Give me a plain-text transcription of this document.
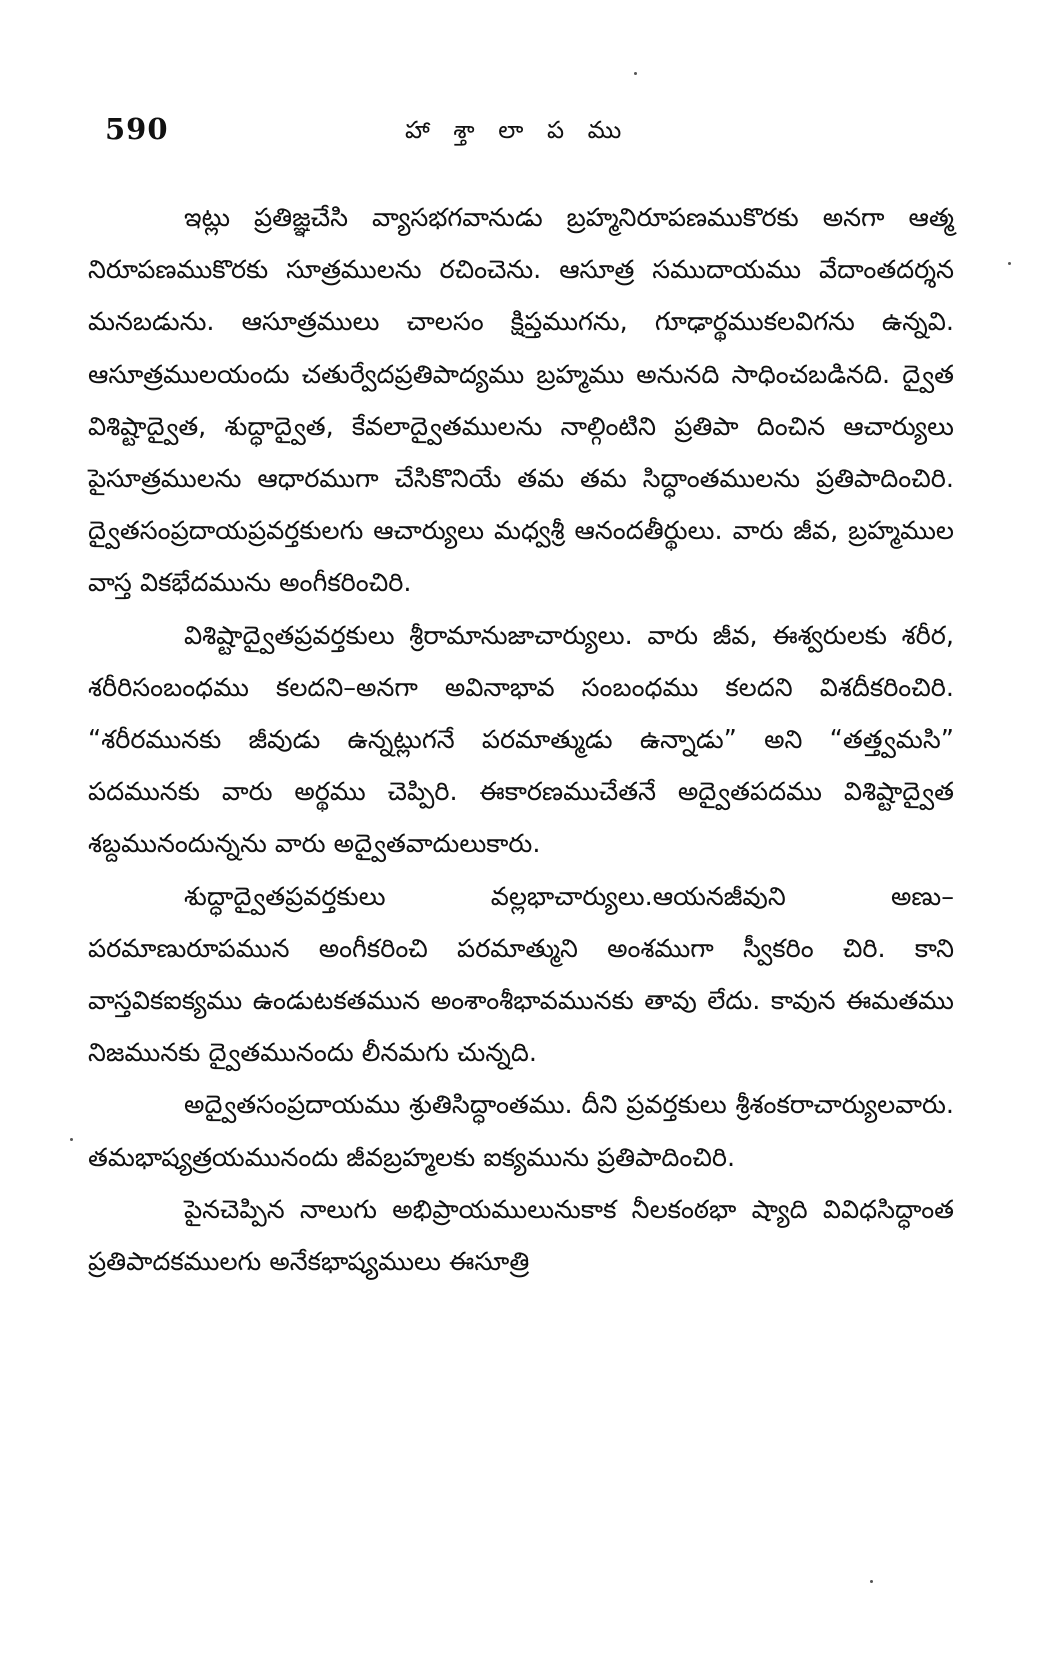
590	హా శ్తా లా ప ము

ఇట్లు ప్రతిజ్ఞచేసి వ్యాసభగవానుడు బ్రహ్మనిరూపణముకొరకు అనగా ఆత్మ నిరూపణముకొరకు సూత్రములను రచించెను. ఆసూత్ర సముదాయము వేదాంతదర్శన మనబడును. ఆసూత్రములు చాలసం క్షిప్తముగను, గూఢార్థముకలవిగను ఉన్నవి. ఆసూత్రములయందు చతుర్వేదప్రతిపాద్యము బ్రహ్మము అనునది సాధించబడినది. ద్వైత విశిష్టాద్వైత, శుద్ధాద్వైత, కేవలాద్వైతములను నాల్గింటిని ప్రతిపా దించిన ఆచార్యులు పైసూత్రములను ఆధారముగా చేసికొనియే తమ తమ సిద్ధాంతములను ప్రతిపాదించిరి. ద్వైతసంప్రదాయప్రవర్తకులగు ఆచార్యులు మధ్వశ్రీ ఆనందతీర్థులు. వారు జీవ, బ్రహ్మముల వాస్త వికభేదమును అంగీకరించిరి.

విశిష్టాద్వైతప్రవర్తకులు శ్రీరామానుజాచార్యులు. వారు జీవ, ఈశ్వరులకు శరీర, శరీరిసంబంధము కలదని–అనగా అవినాభావ సంబంధము కలదని విశదీకరించిరి. “శరీరమునకు జీవుడు ఉన్నట్లుగనే పరమాత్ముడు ఉన్నాడు” అని “తత్త్వమసి” పదమునకు వారు అర్థము చెప్పిరి. ఈకారణముచేతనే అద్వైతపదము విశిష్టాద్వైత శబ్దమునందున్నను వారు అద్వైతవాదులుకారు.

శుద్ధాద్వైతప్రవర్తకులు వల్లభాచార్యులు.ఆయనజీవుని అణు– పరమాణురూపమున అంగీకరించి పరమాత్ముని అంశముగా స్వీకరిం చిరి. కాని వాస్తవికఐక్యము ఉండుటకతమున అంశాంశీభావమునకు తావు లేదు. కావున ఈమతము నిజమునకు ద్వైతమునందు లీనమగు చున్నది.

అద్వైతసంప్రదాయము శ్రుతిసిద్ధాంతము. దీని ప్రవర్తకులు శ్రీశంకరాచార్యులవారు. తమభాష్యత్రయమునందు జీవబ్రహ్మలకు ఐక్యమును ప్రతిపాదించిరి.

పైనచెప్పిన నాలుగు అభిప్రాయములునుకాక నీలకంఠభా ష్యాది వివిధసిద్ధాంత ప్రతిపాదకములగు అనేకభాష్యములు ఈసూత్రి
